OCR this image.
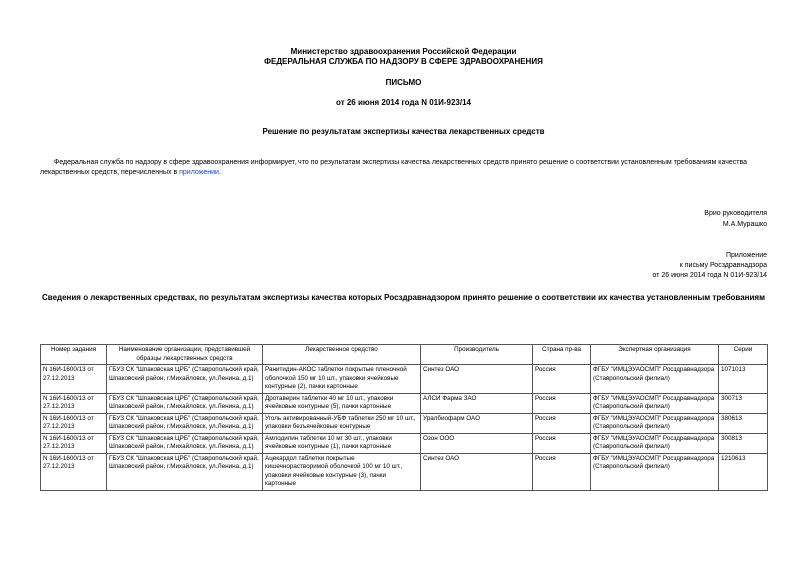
Министерство здравоохранения Российской Федерации
ФЕДЕРАЛЬНАЯ СЛУЖБА ПО НАДЗОРУ В СФЕРЕ ЗДРАВООХРАНЕНИЯ
ПИСЬМО
от 26 июня 2014 года N 01И-923/14
Решение по результатам экспертизы качества лекарственных средств
Федеральная служба по надзору в сфере здравоохранения информирует, что по результатам экспертизы качества лекарственных средств принято решение о соответствии установленным требованиям качества лекарственных средств, перечисленных в приложении.
Врио руководителя
М.А.Мурашко
Приложение
к письму Росздравнадзора
от 26 июня 2014 года N 01И-923/14
Сведения о лекарственных средствах, по результатам экспертизы качества которых Росздравнадзором принято решение о соответствии их качества установленным требованиям
Номер задания	Наименование организации, представившей образцы лекарственных средств	Лекарственное средство	Производитель	Страна пр-ва	Экспертная организация	Серии
N 16И-1600/13 от 27.12.2013	ГБУЗ СК "Шпаковская ЦРБ" (Ставропольский край, Шпаковский район, г.Михайловск, ул.Ленина, д.1)	Ранитидин-АКОС таблетки покрытые пленочной оболочкой 150 мг 10 шт., упаковки ячейковые контурные (2), пачки картонные	Синтез ОАО	Россия	ФГБУ "ИМЦЭУАОСМП" Росздравнадзора (Ставропольский филиал)	1071013
N 16И-1600/13 от 27.12.2013	ГБУЗ СК "Шпаковская ЦРБ" (Ставропольский край, Шпаковский район, г.Михайловск, ул.Ленина, д.1)	Дротаверин таблетки 40 мг 10 шт., упаковки ячейковые контурные (5), пачки картонные	АЛСИ Фарма ЗАО	Россия	ФГБУ "ИМЦЭУАОСМП" Росздравнадзора (Ставропольский филиал)	300713
N 16И-1600/13 от 27.12.2013	ГБУЗ СК "Шпаковская ЦРБ" (Ставропольский край, Шпаковский район, г.Михайловск, ул.Ленина, д.1)	Уголь активированный-УБФ таблетки 250 мг 10 шт., упаковки безъячейковые контурные	Уралбиофарм ОАО	Россия	ФГБУ "ИМЦЭУАОСМП" Росздравнадзора (Ставропольский филиал)	380613
N 16И-1600/13 от 27.12.2013	ГБУЗ СК "Шпаковская ЦРБ" (Ставропольский край, Шпаковский район, г.Михайловск, ул.Ленина, д.1)	Амлодипин таблетки 10 мг 30 шт., упаковки ячейковые контурные (1), пачки картонные	Озон ООО	Россия	ФГБУ "ИМЦЭУАОСМП" Росздравнадзора (Ставропольский филиал)	300813
N 16И-1600/13 от 27.12.2013	ГБУЗ СК "Шпаковская ЦРБ" (Ставропольский край, Шпаковский район, г.Михайловск, ул.Ленина, д.1)	Ацекардол таблетки покрытые кишечнорастворимой оболочкой 100 мг 10 шт., упаковки ячейковые контурные (3), пачки картонные	Синтез ОАО	Россия	ФГБУ "ИМЦЭУАОСМП" Росздравнадзора (Ставропольский филиал)	1210613
